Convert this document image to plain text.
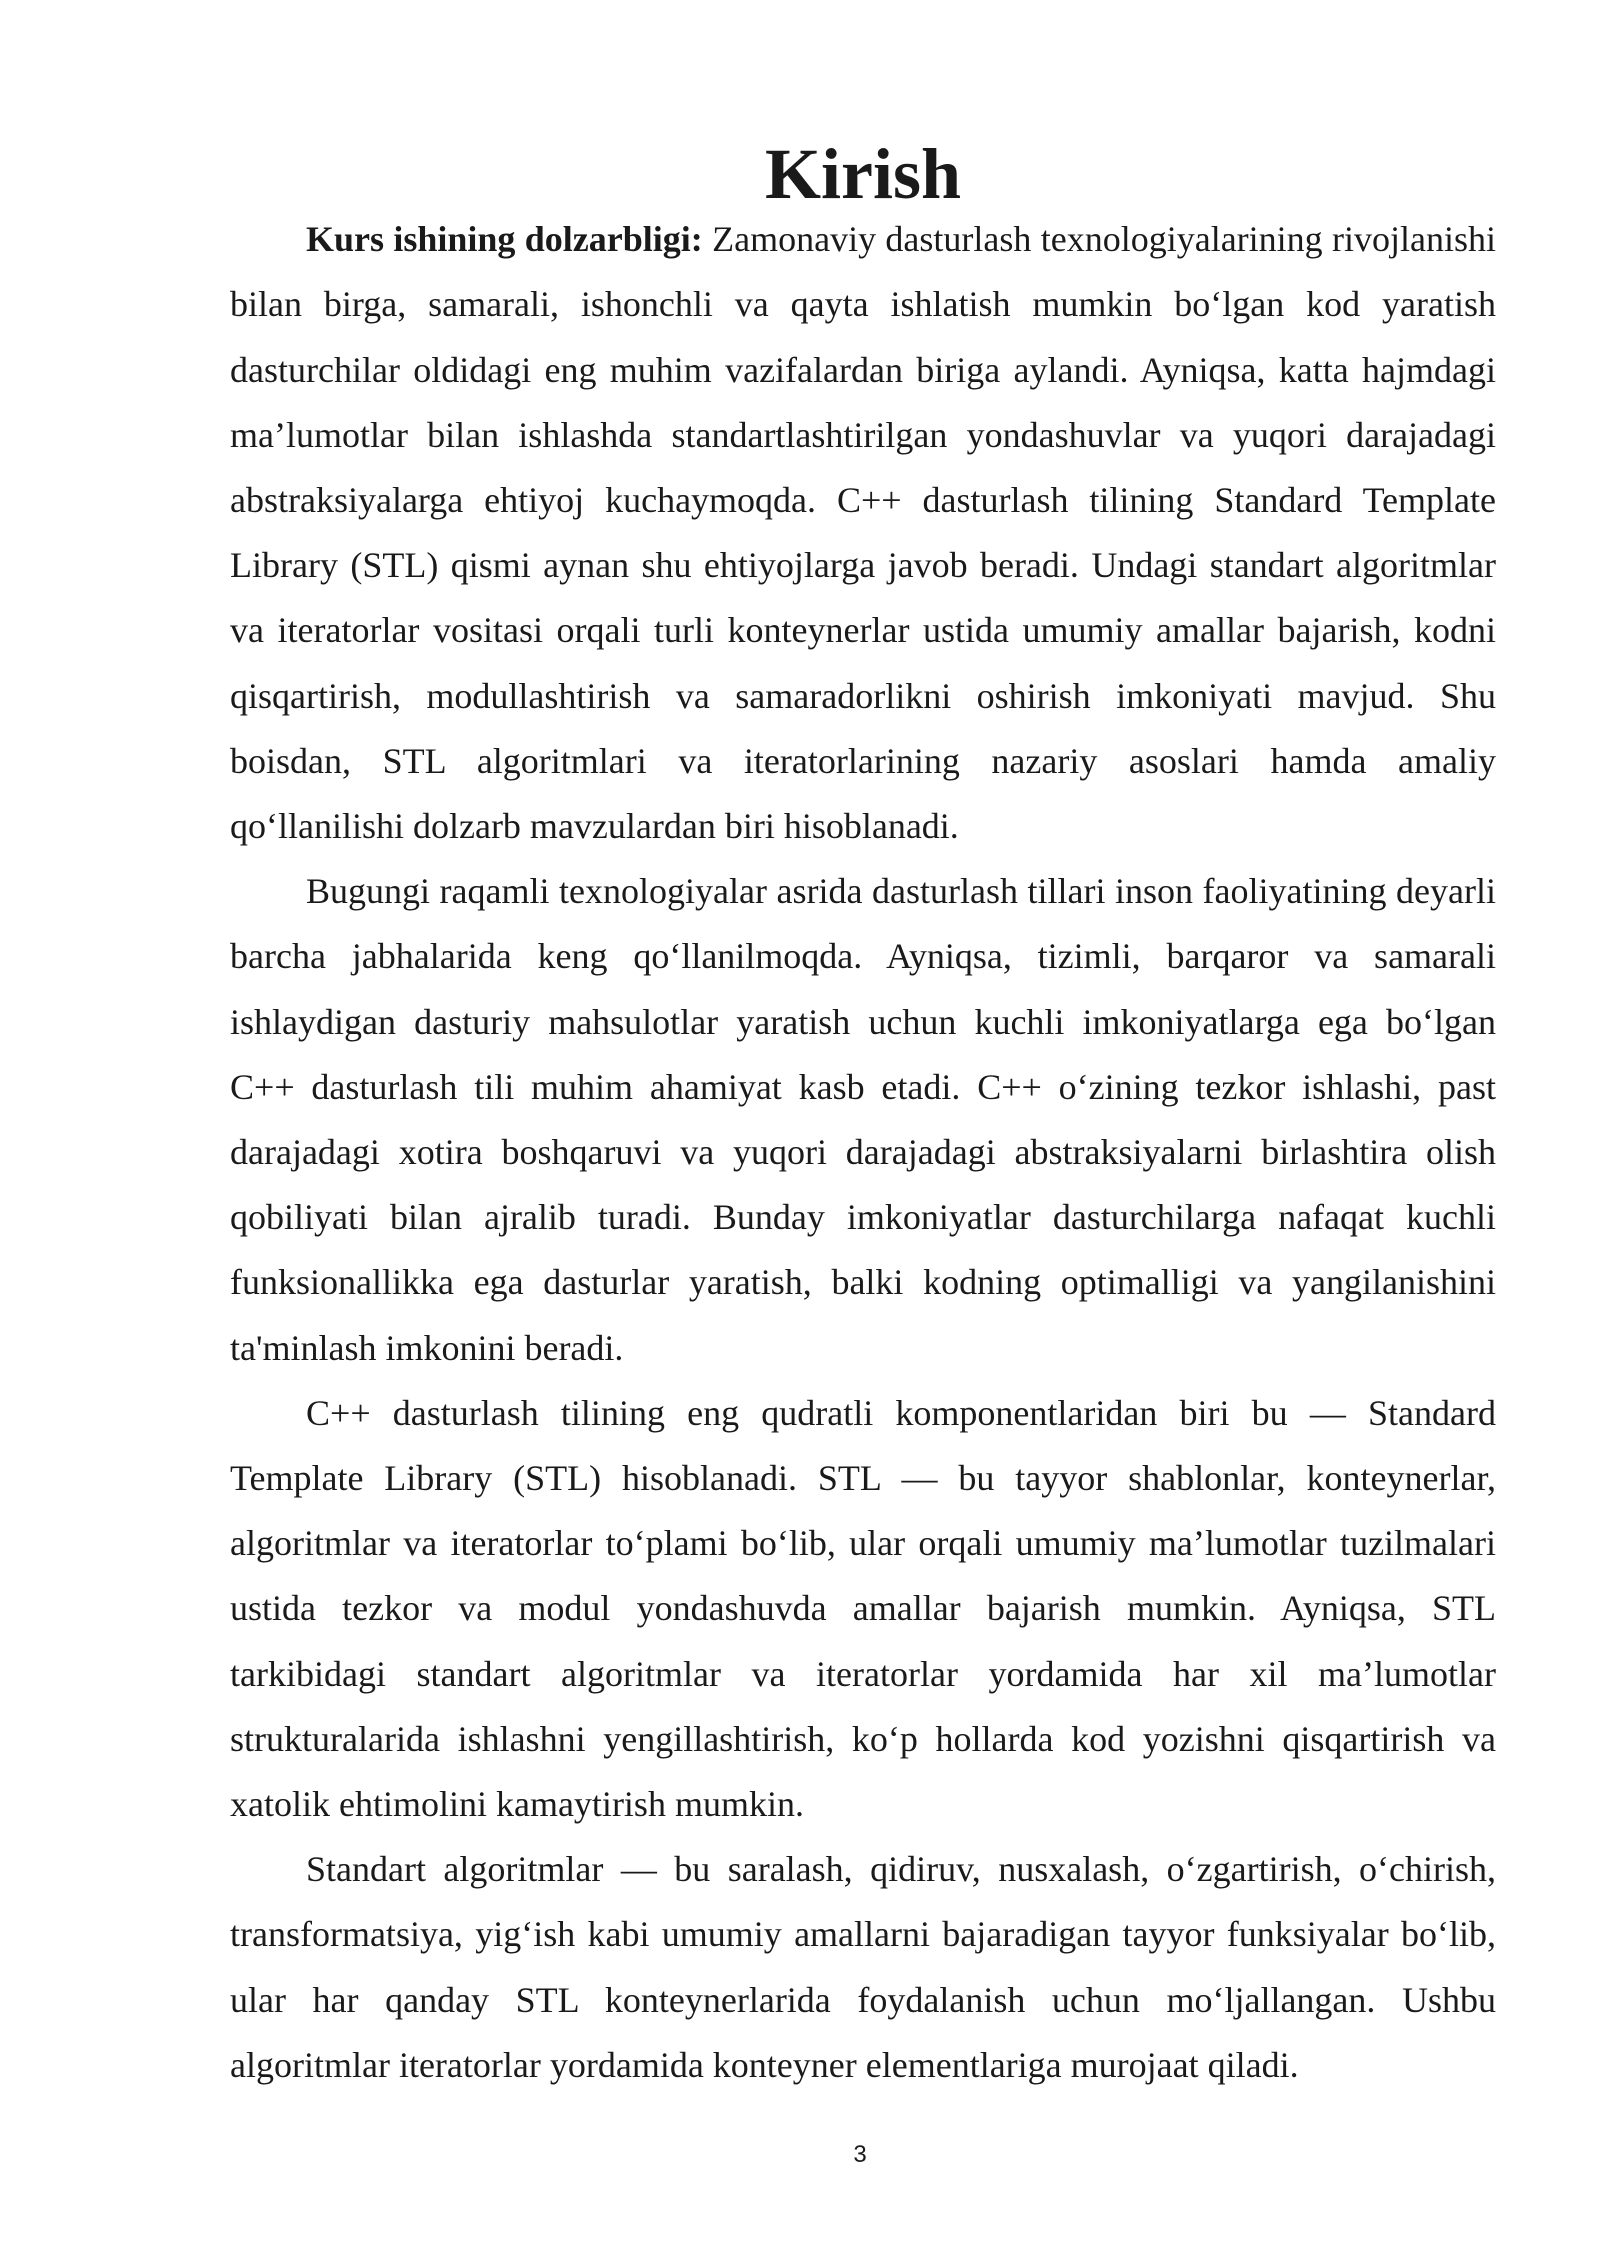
Kirish

Kurs ishining dolzarbligi: Zamonaviy dasturlash texnologiyalarining rivojlanishi bilan birga, samarali, ishonchli va qayta ishlatish mumkin bo‘lgan kod yaratish dasturchilar oldidagi eng muhim vazifalardan biriga aylandi. Ayniqsa, katta hajmdagi ma’lumotlar bilan ishlashda standartlashtirilgan yondashuvlar va yuqori darajadagi abstraksiyalarga ehtiyoj kuchaymoqda. C++ dasturlash tilining Standard Template Library (STL) qismi aynan shu ehtiyojlarga javob beradi. Undagi standart algoritmlar va iteratorlar vositasi orqali turli konteynerlar ustida umumiy amallar bajarish, kodni qisqartirish, modullashtirish va samaradorlikni oshirish imkoniyati mavjud. Shu boisdan, STL algoritmlari va iteratorlarining nazariy asoslari hamda amaliy qo‘llanilishi dolzarb mavzulardan biri hisoblanadi.

Bugungi raqamli texnologiyalar asrida dasturlash tillari inson faoliyatining deyarli barcha jabhalarida keng qo‘llanilmoqda. Ayniqsa, tizimli, barqaror va samarali ishlaydigan dasturiy mahsulotlar yaratish uchun kuchli imkoniyatlarga ega bo‘lgan C++ dasturlash tili muhim ahamiyat kasb etadi. C++ o‘zining tezkor ishlashi, past darajadagi xotira boshqaruvi va yuqori darajadagi abstraksiyalarni birlashtira olish qobiliyati bilan ajralib turadi. Bunday imkoniyatlar dasturchilarga nafaqat kuchli funksionallikka ega dasturlar yaratish, balki kodning optimalligi va yangilanishini ta'minlash imkonini beradi.

C++ dasturlash tilining eng qudratli komponentlaridan biri bu — Standard Template Library (STL) hisoblanadi. STL — bu tayyor shablonlar, konteynerlar, algoritmlar va iteratorlar to‘plami bo‘lib, ular orqali umumiy ma’lumotlar tuzilmalari ustida tezkor va modul yondashuvda amallar bajarish mumkin. Ayniqsa, STL tarkibidagi standart algoritmlar va iteratorlar yordamida har xil ma’lumotlar strukturalarida ishlashni yengillashtirish, ko‘p hollarda kod yozishni qisqartirish va xatolik ehtimolini kamaytirish mumkin.

Standart algoritmlar — bu saralash, qidiruv, nusxalash, o‘zgartirish, o‘chirish, transformatsiya, yig‘ish kabi umumiy amallarni bajaradigan tayyor funksiyalar bo‘lib, ular har qanday STL konteynerlarida foydalanish uchun mo‘ljallangan. Ushbu algoritmlar iteratorlar yordamida konteyner elementlariga murojaat qiladi.

3
